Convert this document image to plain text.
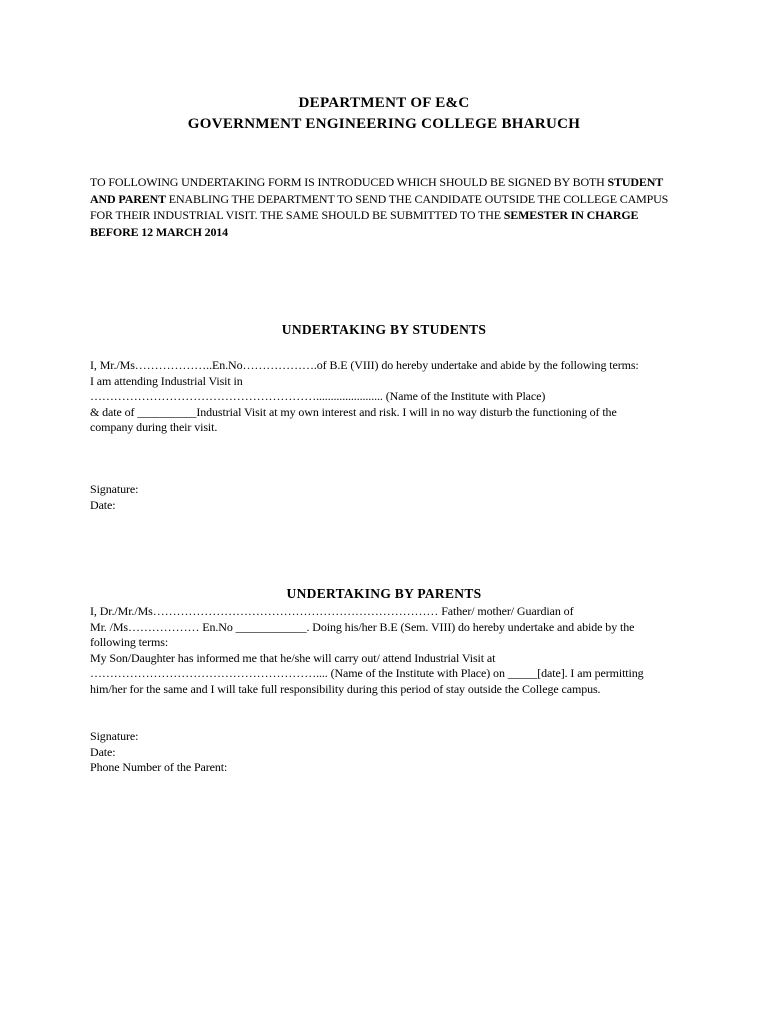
DEPARTMENT OF E&C
GOVERNMENT ENGINEERING COLLEGE BHARUCH
TO FOLLOWING UNDERTAKING FORM IS INTRODUCED WHICH SHOULD BE SIGNED BY BOTH STUDENT AND PARENT ENABLING THE DEPARTMENT TO SEND THE CANDIDATE OUTSIDE THE COLLEGE CAMPUS FOR THEIR INDUSTRIAL VISIT. THE SAME SHOULD BE SUBMITTED TO THE SEMESTER IN CHARGE BEFORE 12 MARCH 2014
UNDERTAKING BY STUDENTS
I, Mr./Ms………………..En.No……………….of B.E (VIII) do hereby undertake and abide by the following terms:
I am attending Industrial Visit in
…………………………………………………....................... (Name of the Institute with Place)
& date of __________Industrial Visit at my own interest and risk. I will in no way disturb the functioning of the
company during their visit.
Signature:
Date:
UNDERTAKING BY PARENTS
I, Dr./Mr./Ms……………………………………………………………… Father/ mother/ Guardian of
Mr. /Ms……………… En.No ____________. Doing his/her B.E (Sem. VIII) do hereby undertake and abide by the
following terms:
My Son/Daughter has informed me that he/she will carry out/ attend Industrial Visit at
………………………………………………….... (Name of the Institute with Place) on _____[date]. I am permitting
him/her for the same and I will take full responsibility during this period of stay outside the College campus.
Signature:
Date:
Phone Number of the Parent:
